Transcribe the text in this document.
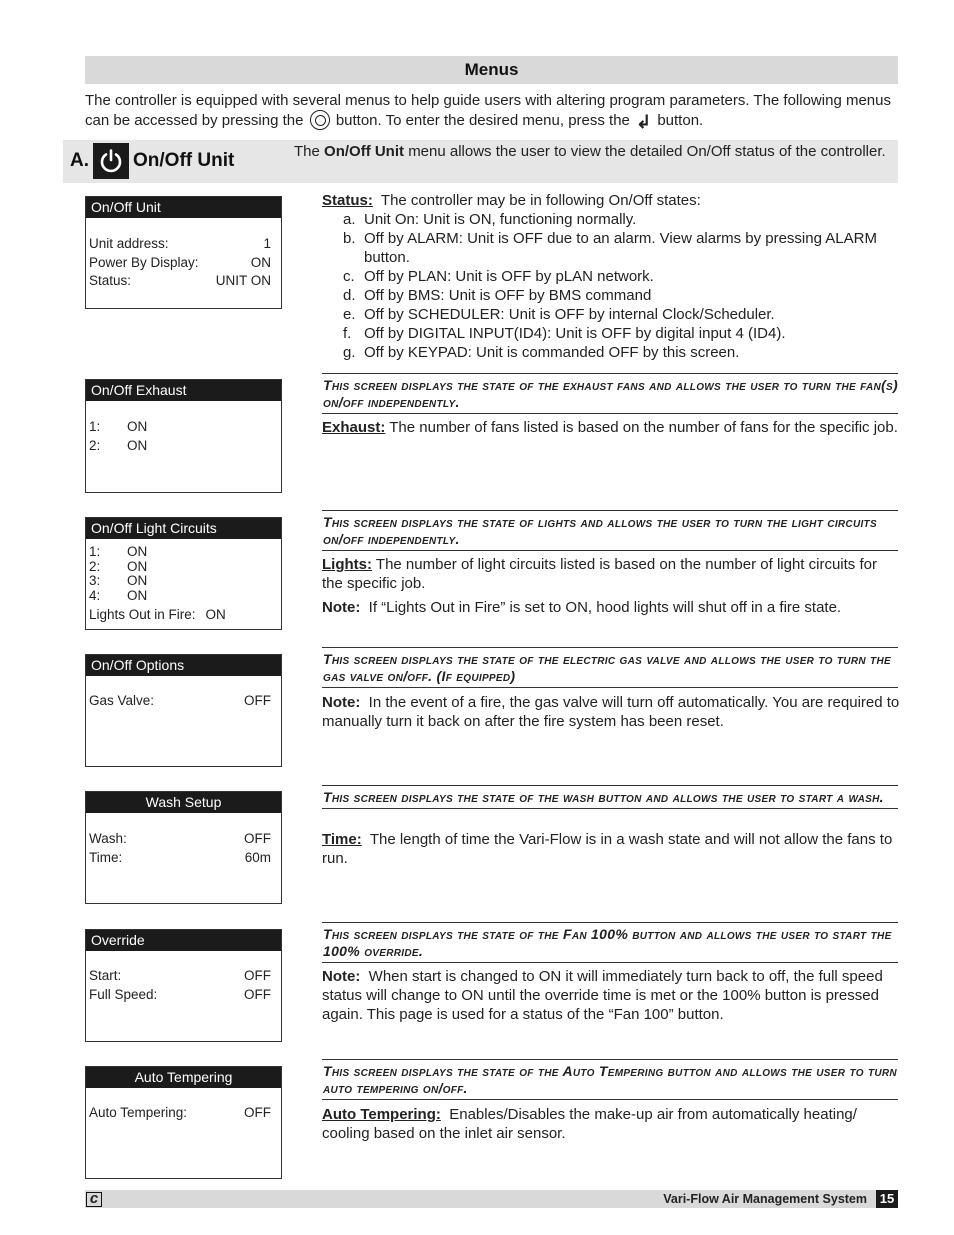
Menus
The controller is equipped with several menus to help guide users with altering program parameters. The following menus can be accessed by pressing the button. To enter the desired menu, press the ↲ button.
A. On/Off Unit	The On/Off Unit menu allows the user to view the detailed On/Off status of the controller.
On/Off Unit
Unit address:	1
Power By Display:	ON
Status:	UNIT ON
Status: The controller may be in following On/Off states:
a. Unit On: Unit is ON, functioning normally.
b. Off by ALARM: Unit is OFF due to an alarm. View alarms by pressing ALARM button.
c. Off by PLAN: Unit is OFF by pLAN network.
d. Off by BMS: Unit is OFF by BMS command
e. Off by SCHEDULER: Unit is OFF by internal Clock/Scheduler.
f. Off by DIGITAL INPUT(ID4): Unit is OFF by digital input 4 (ID4).
g. Off by KEYPAD: Unit is commanded OFF by this screen.
On/Off Exhaust
1:	ON
2:	ON
This screen displays the state of the exhaust fans and allows the user to turn the fan(s) on/off independently.
Exhaust: The number of fans listed is based on the number of fans for the specific job.
On/Off Light Circuits
1:	ON
2:	ON
3:	ON
4:	ON
Lights Out in Fire: ON
This screen displays the state of lights and allows the user to turn the light circuits on/off independently.
Lights: The number of light circuits listed is based on the number of light circuits for the specific job.
Note: If “Lights Out in Fire” is set to ON, hood lights will shut off in a fire state.
On/Off Options
Gas Valve:	OFF
This screen displays the state of the electric gas valve and allows the user to turn the gas valve on/off. (If equipped)
Note: In the event of a fire, the gas valve will turn off automatically. You are required to manually turn it back on after the fire system has been reset.
Wash Setup
Wash:	OFF
Time:	60m
This screen displays the state of the wash button and allows the user to start a wash.
Time: The length of time the Vari-Flow is in a wash state and will not allow the fans to run.
Override
Start:	OFF
Full Speed:	OFF
This screen displays the state of the Fan 100% button and allows the user to start the 100% override.
Note: When start is changed to ON it will immediately turn back to off, the full speed status will change to ON until the override time is met or the 100% button is pressed again. This page is used for a status of the “Fan 100” button.
Auto Tempering
Auto Tempering:	OFF
This screen displays the state of the Auto Tempering button and allows the user to turn auto tempering on/off.
Auto Tempering: Enables/Disables the make-up air from automatically heating/ cooling based on the inlet air sensor.
c	Vari-Flow Air Management System 15
